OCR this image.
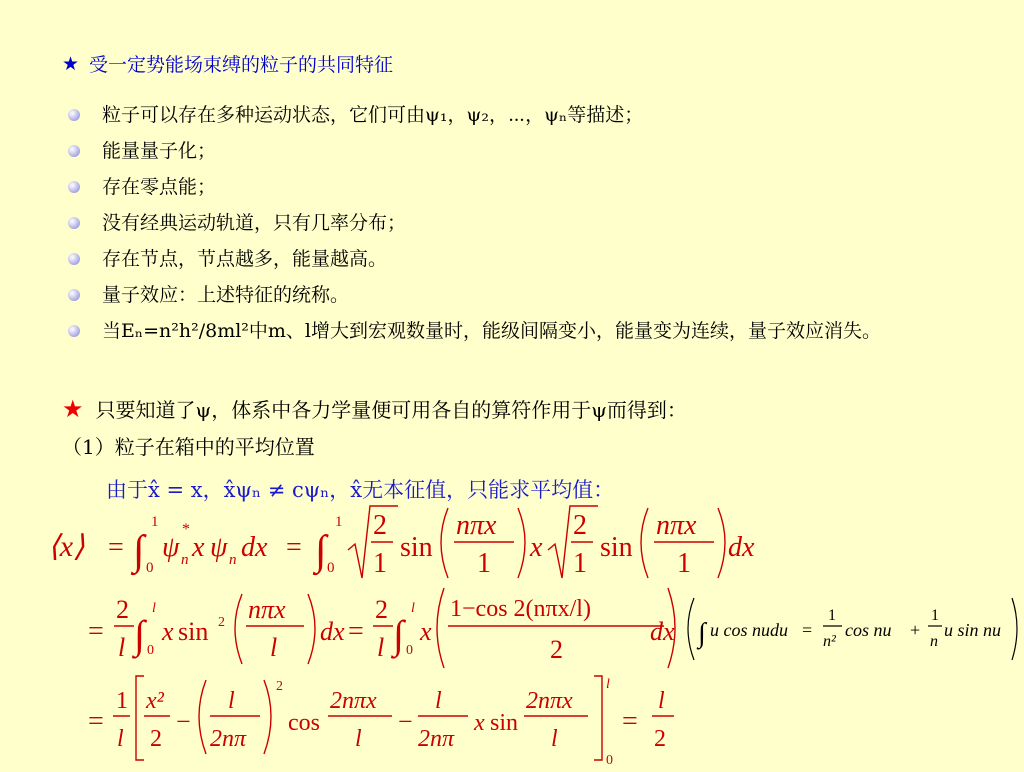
★ 受一定势能场束缚的粒子的共同特征
粒子可以存在多种运动状态，它们可由ψ₁，ψ₂，⋯，ψₙ等描述；
能量量子化；
存在零点能；
没有经典运动轨道，只有几率分布；
存在节点，节点越多，能量越高。
量子效应：上述特征的统称。
当Eₙ=n²h²/8ml²中m、l增大到宏观数量时，能级间隔变小，能量变为连续，量子效应消失。
★ 只要知道了ψ，体系中各力学量便可用各自的算符作用于ψ而得到：
（1）粒子在箱中的平均位置
由于x̂ = x，x̂ψₙ ≠ cψₙ，x̂无本征值，只能求平均值：
⟨x⟩ = ∫
1
0
ψ
*
n x ψ n dx = ∫
1
0
2
1
sin
nπx
1
x
2
1
sin
nπx
1
dx
=
2
l ∫
l
0
x sin 2 nπx
l
dx =
2
l ∫
l
0
x
1−cos 2(nπx/l)
2
dx ∫ u cos nudu =
1
n²
cos nu +
1
n
u sin nu
=
1
l
x²
2
−
l
2nπ
2
cos
2nπx
l
−
l
2nπ
x sin
2nπx
l
l
0
=
l
2
